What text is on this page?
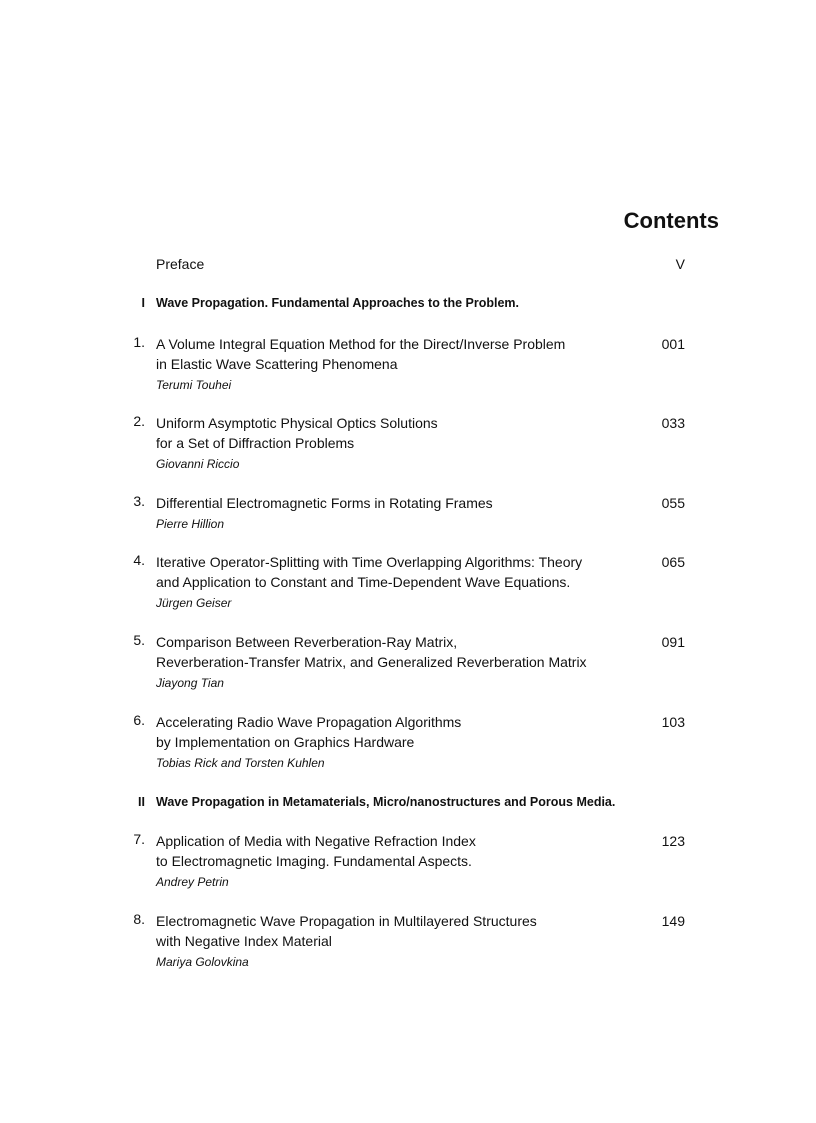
Contents
Preface	V
I Wave Propagation. Fundamental Approaches to the Problem.
1. A Volume Integral Equation Method for the Direct/Inverse Problem
in Elastic Wave Scattering Phenomena
Terumi Touhei
001
2. Uniform Asymptotic Physical Optics Solutions
for a Set of Diffraction Problems
Giovanni Riccio
033
3. Differential Electromagnetic Forms in Rotating Frames
Pierre Hillion
055
4. Iterative Operator-Splitting with Time Overlapping Algorithms: Theory
and Application to Constant and Time-Dependent Wave Equations.
Jürgen Geiser
065
5. Comparison Between Reverberation-Ray Matrix,
Reverberation-Transfer Matrix, and Generalized Reverberation Matrix
Jiayong Tian
091
6. Accelerating Radio Wave Propagation Algorithms
by Implementation on Graphics Hardware
Tobias Rick and Torsten Kuhlen
103
II Wave Propagation in Metamaterials, Micro/nanostructures and Porous Media.
7. Application of Media with Negative Refraction Index
to Electromagnetic Imaging. Fundamental Aspects.
Andrey Petrin
123
8. Electromagnetic Wave Propagation in Multilayered Structures
with Negative Index Material
Mariya Golovkina
149
